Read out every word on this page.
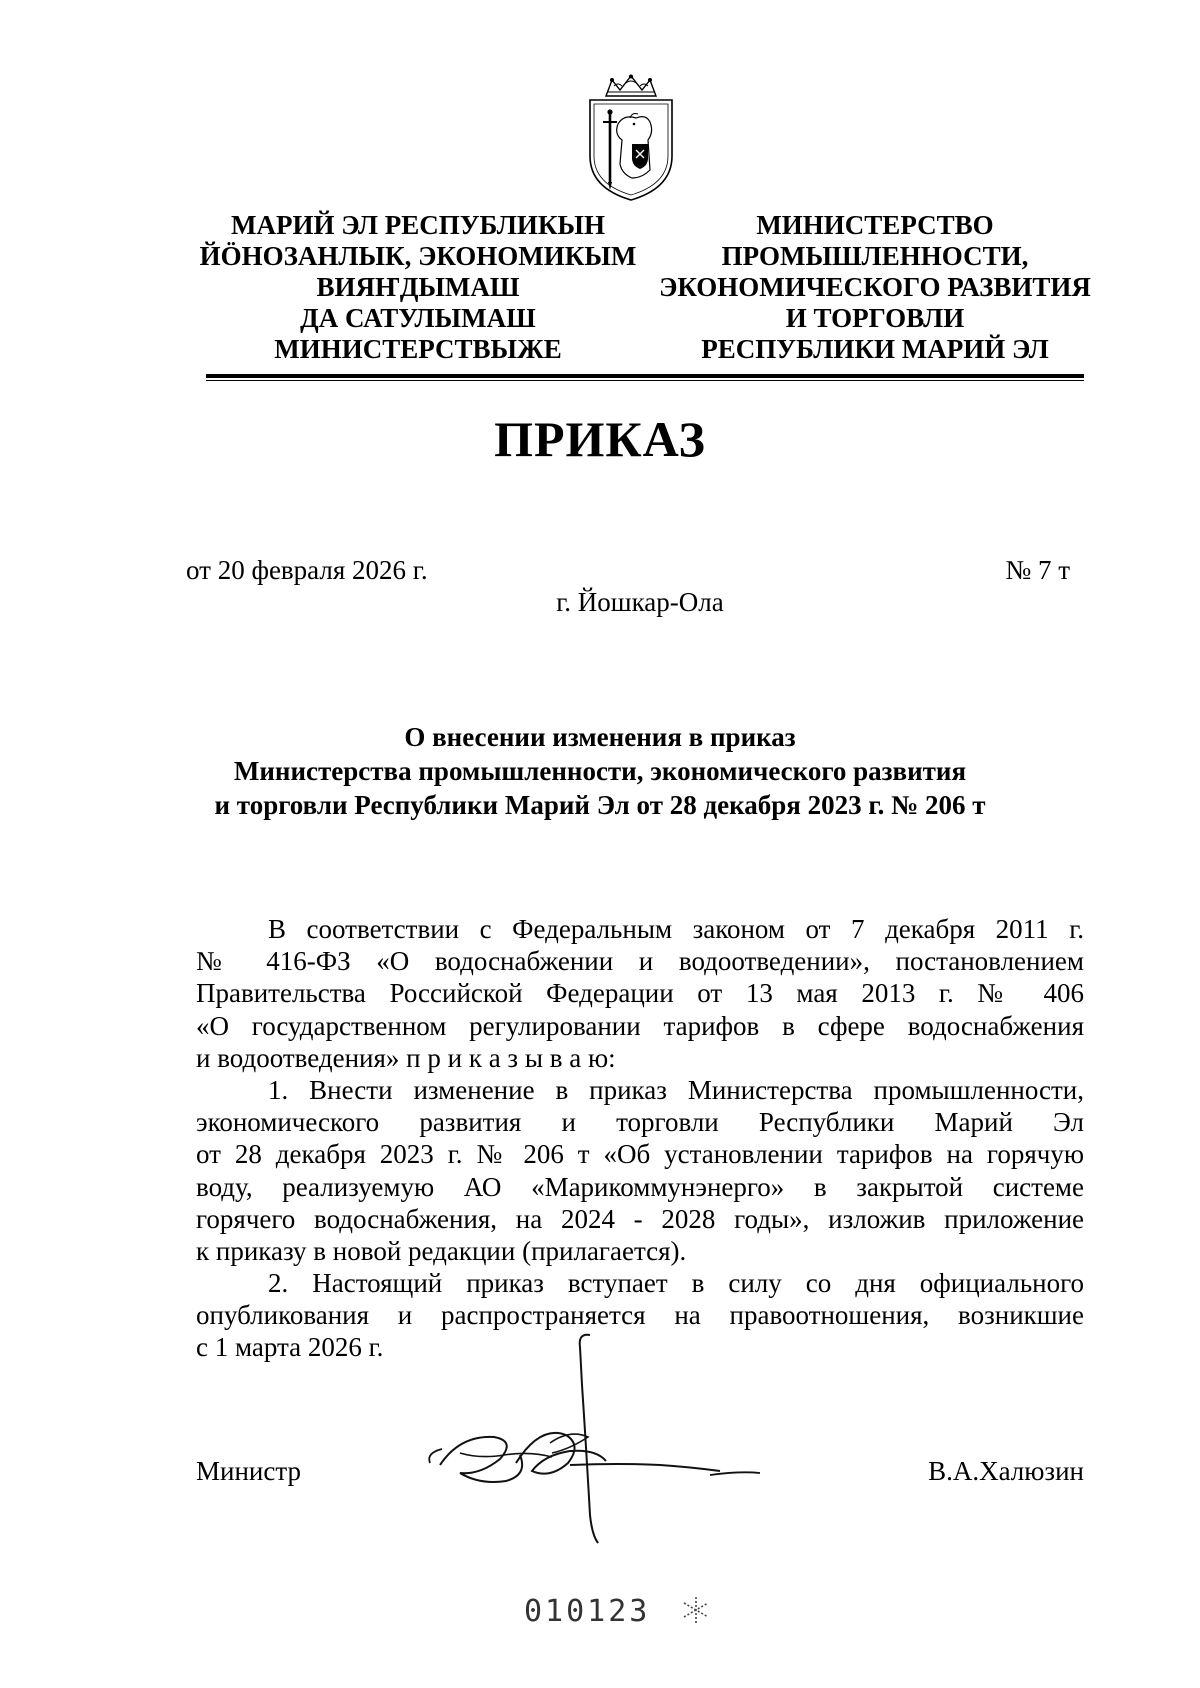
МАРИЙ ЭЛ РЕСПУБЛИКЫН
ЙӦНОЗАНЛЫК, ЭКОНОМИКЫМ
ВИЯҤДЫМАШ
ДА САТУЛЫМАШ
МИНИСТЕРСТВЫЖЕ
МИНИСТЕРСТВО
ПРОМЫШЛЕННОСТИ,
ЭКОНОМИЧЕСКОГО РАЗВИТИЯ
И ТОРГОВЛИ
РЕСПУБЛИКИ МАРИЙ ЭЛ
ПРИКАЗ
от 20 февраля 2026 г.	№ 7 т
г. Йошкар-Ола
О внесении изменения в приказ
Министерства промышленности, экономического развития
и торговли Республики Марий Эл от 28 декабря 2023 г. № 206 т
В соответствии с Федеральным законом от 7 декабря 2011 г.
№ 416-ФЗ «О водоснабжении и водоотведении», постановлением
Правительства Российской Федерации от 13 мая 2013 г. № 406
«О государственном регулировании тарифов в сфере водоснабжения
и водоотведения» п р и к а з ы в а ю:
1. Внести изменение в приказ Министерства промышленности,
экономического развития и торговли Республики Марий Эл
от 28 декабря 2023 г. № 206 т «Об установлении тарифов на горячую
воду, реализуемую АО «Марикоммунэнерго» в закрытой системе
горячего водоснабжения, на 2024 - 2028 годы», изложив приложение
к приказу в новой редакции (прилагается).
2. Настоящий приказ вступает в силу со дня официального
опубликования и распространяется на правоотношения, возникшие
с 1 марта 2026 г.
Министр	В.А.Халюзин
010123
